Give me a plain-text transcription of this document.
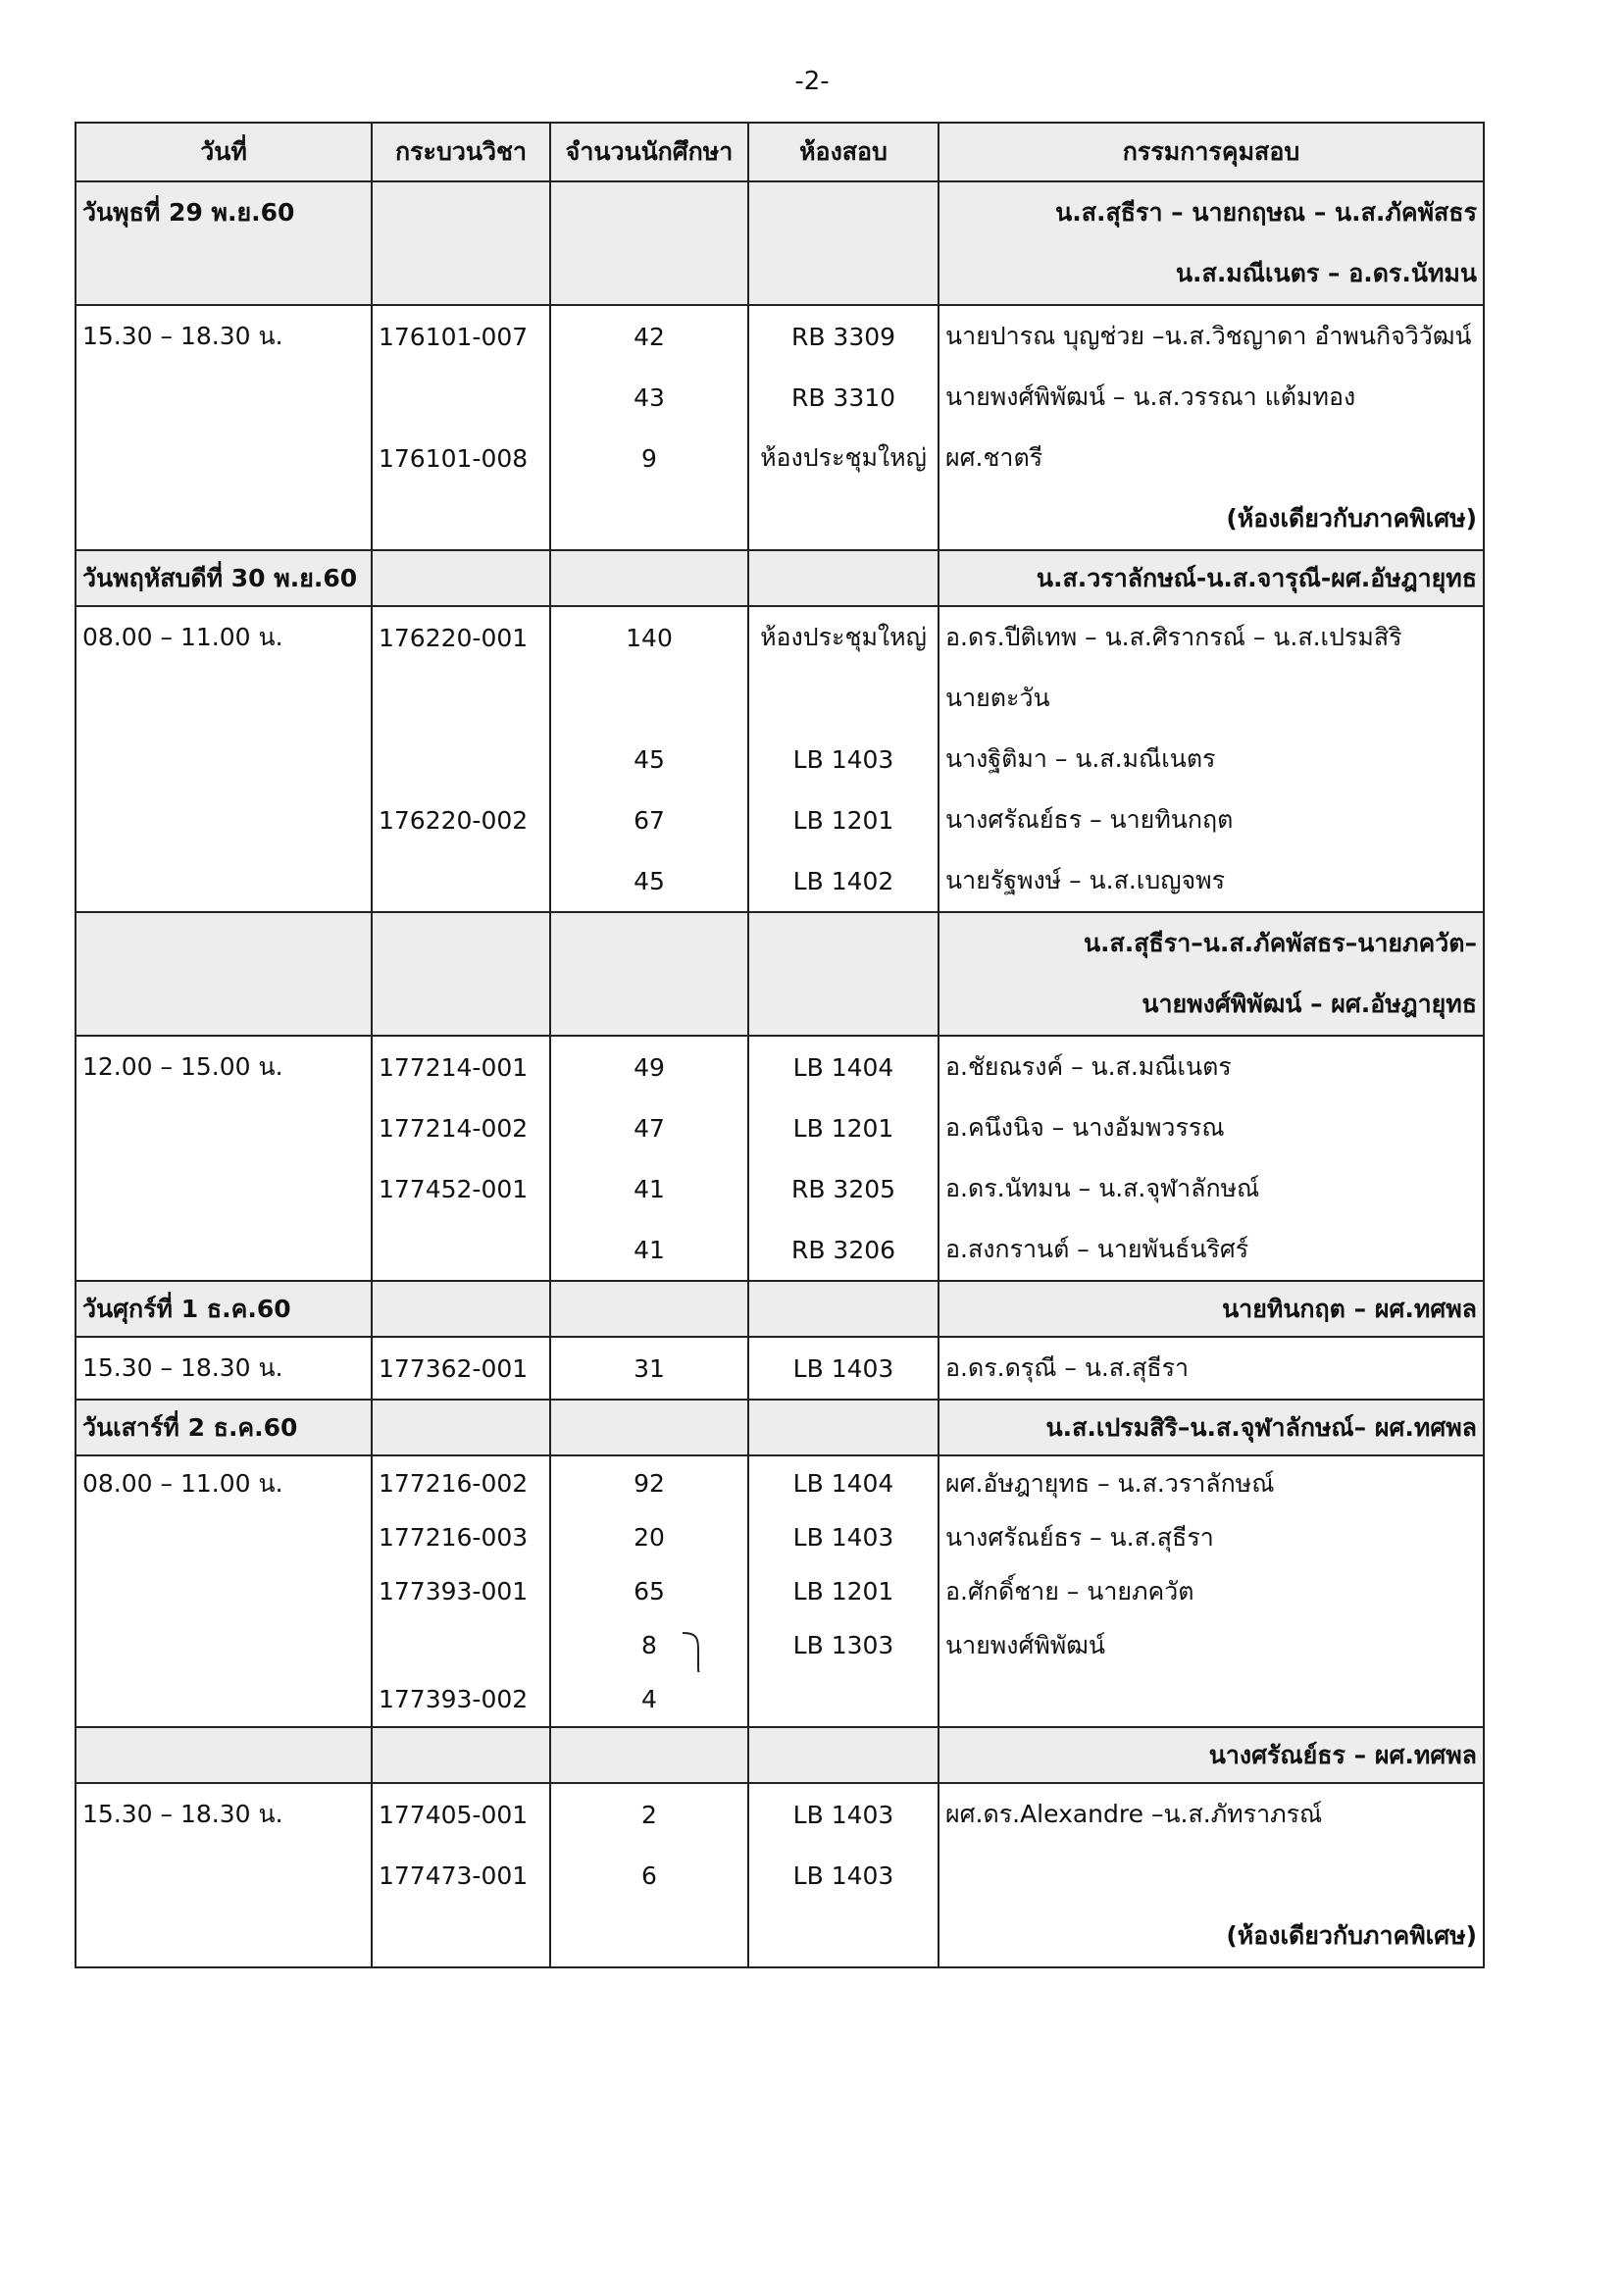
-2-
วันที่	กระบวนวิชา	จำนวนนักศึกษา	ห้องสอบ	กรรมการคุมสอบ
วันพุธที่ 29 พ.ย.60				น.ส.สุธีรา – นายกฤษณ – น.ส.ภัคพัสธร
				น.ส.มณีเนตร – อ.ดร.นัทมน
15.30 – 18.30 น.	176101-007	42	RB 3309	นายปารณ บุญช่วย –น.ส.วิชญาดา อำพนกิจวิวัฒน์
		43	RB 3310	นายพงศ์พิพัฒน์ – น.ส.วรรณา แต้มทอง
	176101-008	9	ห้องประชุมใหญ่	ผศ.ชาตรี
				(ห้องเดียวกับภาคพิเศษ)
วันพฤหัสบดีที่ 30 พ.ย.60				น.ส.วราลักษณ์-น.ส.จารุณี-ผศ.อัษฎายุทธ
08.00 – 11.00 น.	176220-001	140	ห้องประชุมใหญ่	อ.ดร.ปีติเทพ – น.ส.ศิรากรณ์ – น.ส.เปรมสิริ
				นายตะวัน
		45	LB 1403	นางฐิติมา – น.ส.มณีเนตร
	176220-002	67	LB 1201	นางศรัณย์ธร – นายทินกฤต
		45	LB 1402	นายรัฐพงษ์ – น.ส.เบญจพร
				น.ส.สุธีรา–น.ส.ภัคพัสธร–นายภควัต–
				นายพงศ์พิพัฒน์ – ผศ.อัษฎายุทธ
12.00 – 15.00 น.	177214-001	49	LB 1404	อ.ชัยณรงค์ – น.ส.มณีเนตร
	177214-002	47	LB 1201	อ.คนึงนิจ – นางอัมพวรรณ
	177452-001	41	RB 3205	อ.ดร.นัทมน – น.ส.จุฬาลักษณ์
		41	RB 3206	อ.สงกรานต์ – นายพันธ์นริศร์
วันศุกร์ที่ 1 ธ.ค.60				นายทินกฤต – ผศ.ทศพล
15.30 – 18.30 น.	177362-001	31	LB 1403	อ.ดร.ดรุณี – น.ส.สุธีรา
วันเสาร์ที่ 2 ธ.ค.60				น.ส.เปรมสิริ–น.ส.จุฬาลักษณ์– ผศ.ทศพล
08.00 – 11.00 น.	177216-002	92	LB 1404	ผศ.อัษฎายุทธ – น.ส.วราลักษณ์
	177216-003	20	LB 1403	นางศรัณย์ธร – น.ส.สุธีรา
	177393-001	65	LB 1201	อ.ศักดิ์ชาย – นายภควัต
		8	LB 1303	นายพงศ์พิพัฒน์
	177393-002	4		
				นางศรัณย์ธร – ผศ.ทศพล
15.30 – 18.30 น.	177405-001	2	LB 1403	ผศ.ดร.Alexandre –น.ส.ภัทราภรณ์
	177473-001	6	LB 1403	
				(ห้องเดียวกับภาคพิเศษ)
